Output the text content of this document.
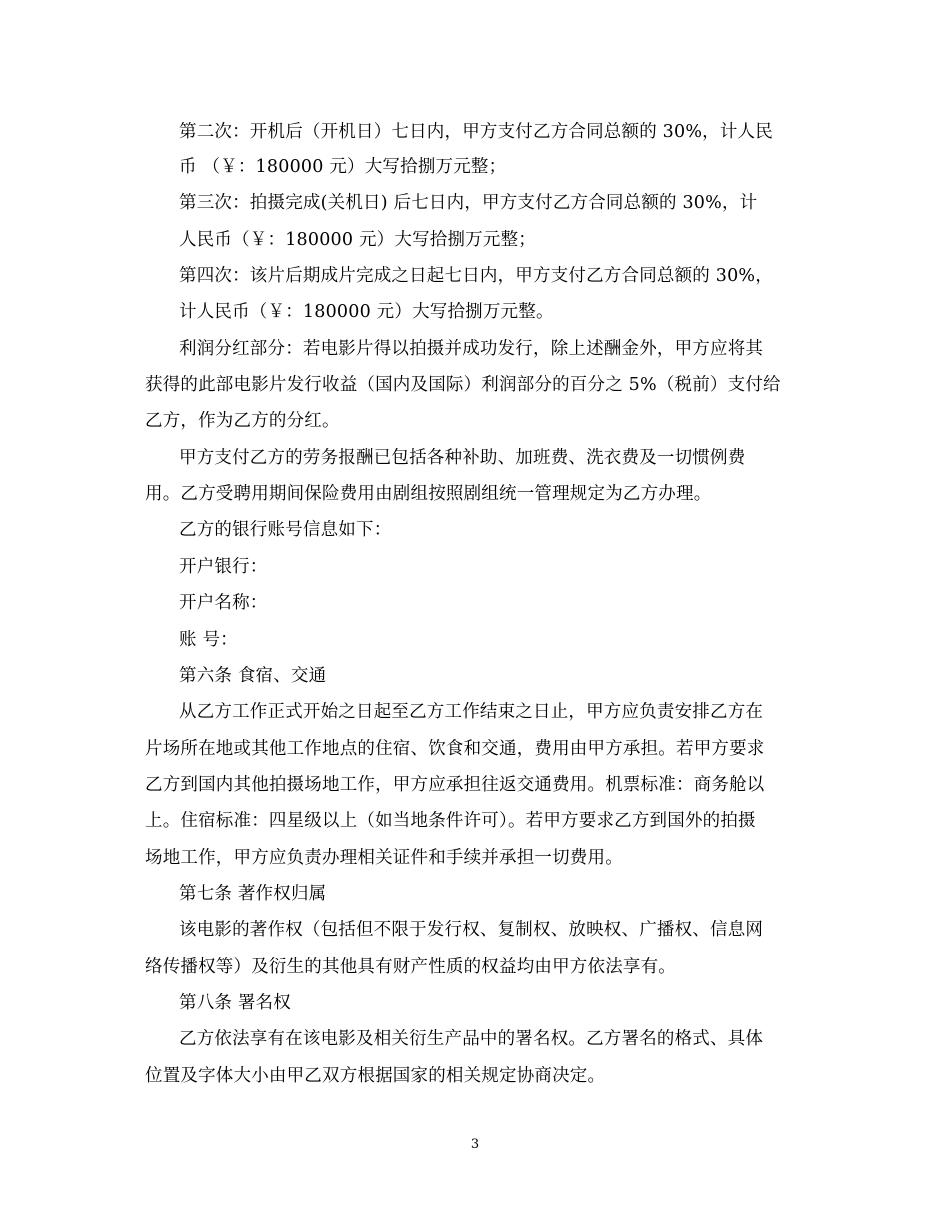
第二次：开机后（开机日）七日内，甲方支付乙方合同总额的 30%，计人民
币 （￥：180000 元）大写拾捌万元整；
第三次：拍摄完成(关机日) 后七日内，甲方支付乙方合同总额的 30%，计
人民币（￥：180000 元）大写拾捌万元整；
第四次：该片后期成片完成之日起七日内，甲方支付乙方合同总额的 30%，
计人民币（￥：180000 元）大写拾捌万元整。
利润分红部分：若电影片得以拍摄并成功发行，除上述酬金外，甲方应将其
获得的此部电影片发行收益（国内及国际）利润部分的百分之 5%（税前）支付给
乙方，作为乙方的分红。
甲方支付乙方的劳务报酬已包括各种补助、加班费、洗衣费及一切惯例费
用。乙方受聘用期间保险费用由剧组按照剧组统一管理规定为乙方办理。
乙方的银行账号信息如下：
开户银行：
开户名称：
账 号：
第六条 食宿、交通
从乙方工作正式开始之日起至乙方工作结束之日止，甲方应负责安排乙方在
片场所在地或其他工作地点的住宿、饮食和交通，费用由甲方承担。若甲方要求
乙方到国内其他拍摄场地工作，甲方应承担往返交通费用。机票标准：商务舱以
上。住宿标准：四星级以上（如当地条件许可）。若甲方要求乙方到国外的拍摄
场地工作，甲方应负责办理相关证件和手续并承担一切费用。
第七条 著作权归属
该电影的著作权（包括但不限于发行权、复制权、放映权、广播权、信息网
络传播权等）及衍生的其他具有财产性质的权益均由甲方依法享有。
第八条 署名权
乙方依法享有在该电影及相关衍生产品中的署名权。乙方署名的格式、具体
位置及字体大小由甲乙双方根据国家的相关规定协商决定。
3
